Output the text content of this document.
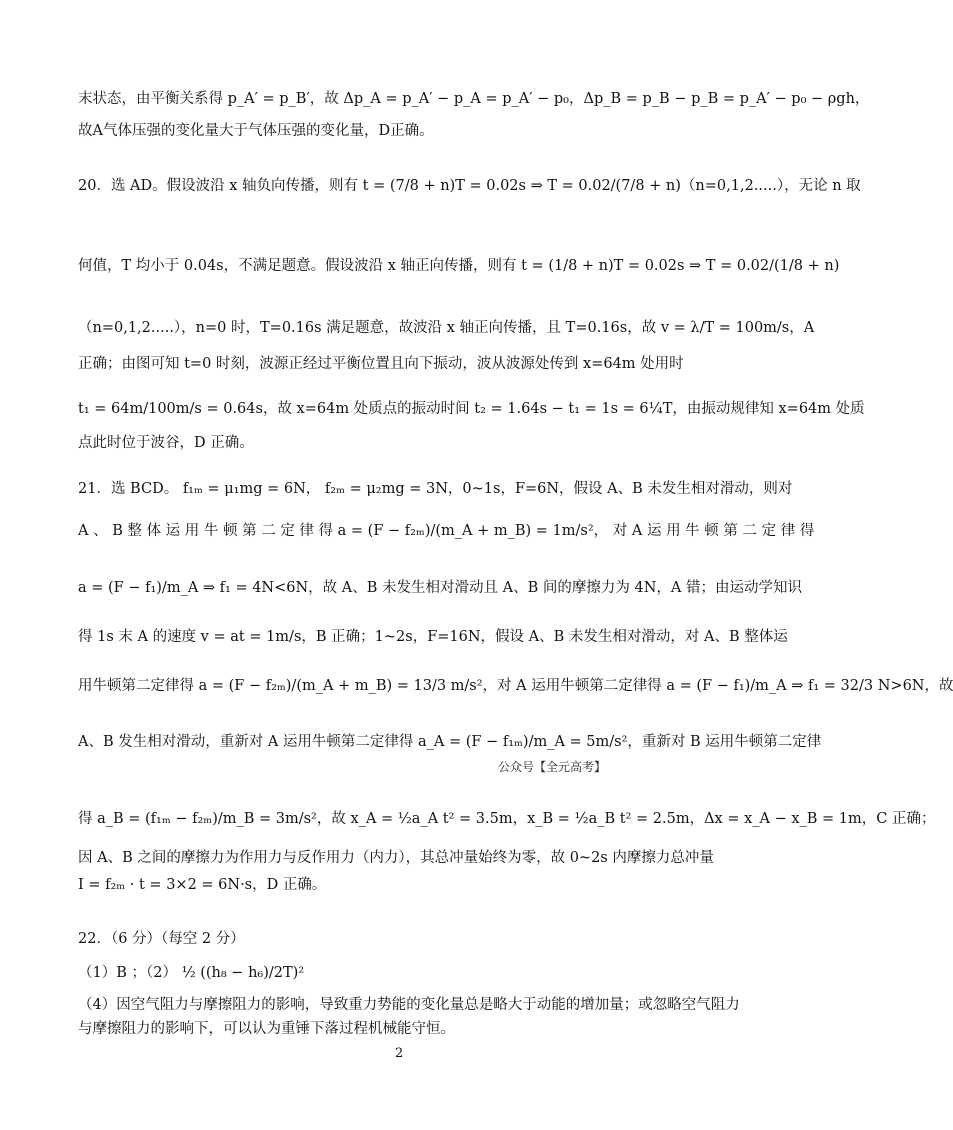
末状态，由平衡关系得 p_A′ = p_B′，故 Δp_A = p_A′ − p_A = p_A′ − p₀，Δp_B = p_B − p_B = p_A′ − p₀ − ρgh，
故A气体压强的变化量大于气体压强的变化量，D正确。
20．选 AD。假设波沿 x 轴负向传播，则有 t = (7/8 + n)T = 0.02s ⇒ T = 0.02/(7/8 + n)（n=0,1,2.....），无论 n 取
何值，T 均小于 0.04s，不满足题意。假设波沿 x 轴正向传播，则有 t = (1/8 + n)T = 0.02s ⇒ T = 0.02/(1/8 + n)
（n=0,1,2.....），n=0 时，T=0.16s 满足题意，故波沿 x 轴正向传播，且 T=0.16s，故 v = λ/T = 100m/s，A
正确；由图可知 t=0 时刻，波源正经过平衡位置且向下振动，波从波源处传到 x=64m 处用时
t₁ = 64m/100m/s = 0.64s，故 x=64m 处质点的振动时间 t₂ = 1.64s − t₁ = 1s = 6¼T，由振动规律知 x=64m 处质
点此时位于波谷，D 正确。
21．选 BCD。 f₁ₘ = μ₁mg = 6N， f₂ₘ = μ₂mg = 3N，0~1s，F=6N，假设 A、B 未发生相对滑动，则对
A 、 B 整 体 运 用 牛 顿 第 二 定 律 得 a = (F − f₂ₘ)/(m_A + m_B) = 1m/s²， 对 A 运 用 牛 顿 第 二 定 律 得
a = (F − f₁)/m_A ⇒ f₁ = 4N<6N，故 A、B 未发生相对滑动且 A、B 间的摩擦力为 4N，A 错；由运动学知识
得 1s 末 A 的速度 v = at = 1m/s，B 正确；1~2s，F=16N，假设 A、B 未发生相对滑动，对 A、B 整体运
用牛顿第二定律得 a = (F − f₂ₘ)/(m_A + m_B) = 13/3 m/s²，对 A 运用牛顿第二定律得 a = (F − f₁)/m_A ⇒ f₁ = 32/3 N>6N，故
A、B 发生相对滑动，重新对 A 运用牛顿第二定律得 a_A = (F − f₁ₘ)/m_A = 5m/s²，重新对 B 运用牛顿第二定律
得 a_B = (f₁ₘ − f₂ₘ)/m_B = 3m/s²，故 x_A = ½a_A t² = 3.5m，x_B = ½a_B t² = 2.5m，Δx = x_A − x_B = 1m，C 正确；
因 A、B 之间的摩擦力为作用力与反作用力（内力），其总冲量始终为零，故 0~2s 内摩擦力总冲量
I = f₂ₘ · t = 3×2 = 6N·s，D 正确。
22．（6 分）（每空 2 分）
（1）B ；（2） ½ ((h₈ − h₆)/2T)²
（4）因空气阻力与摩擦阻力的影响，导致重力势能的变化量总是略大于动能的增加量；或忽略空气阻力
与摩擦阻力的影响下，可以认为重锤下落过程机械能守恒。
公众号【全元高考】
2
